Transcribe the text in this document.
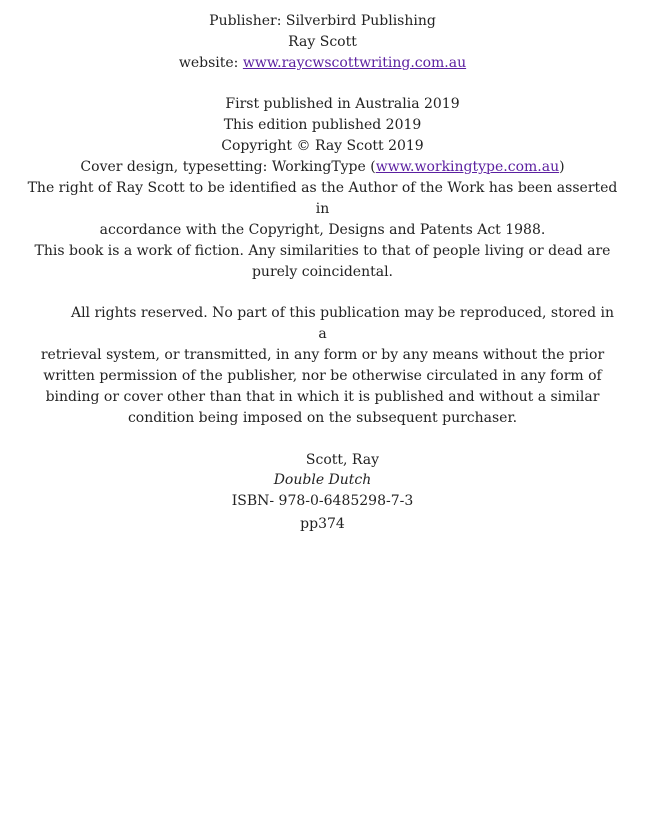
Publisher: Silverbird Publishing
Ray Scott
website: www.raycwscottwriting.com.au
First published in Australia 2019
This edition published 2019
Copyright © Ray Scott 2019
Cover design, typesetting: WorkingType (www.workingtype.com.au)
The right of Ray Scott to be identified as the Author of the Work has been asserted
in
accordance with the Copyright, Designs and Patents Act 1988.
This book is a work of fiction. Any similarities to that of people living or dead are
purely coincidental.
All rights reserved. No part of this publication may be reproduced, stored in
a
retrieval system, or transmitted, in any form or by any means without the prior
written permission of the publisher, nor be otherwise circulated in any form of
binding or cover other than that in which it is published and without a similar
condition being imposed on the subsequent purchaser.
Scott, Ray
Double Dutch
ISBN- 978-0-6485298-7-3
pp374
